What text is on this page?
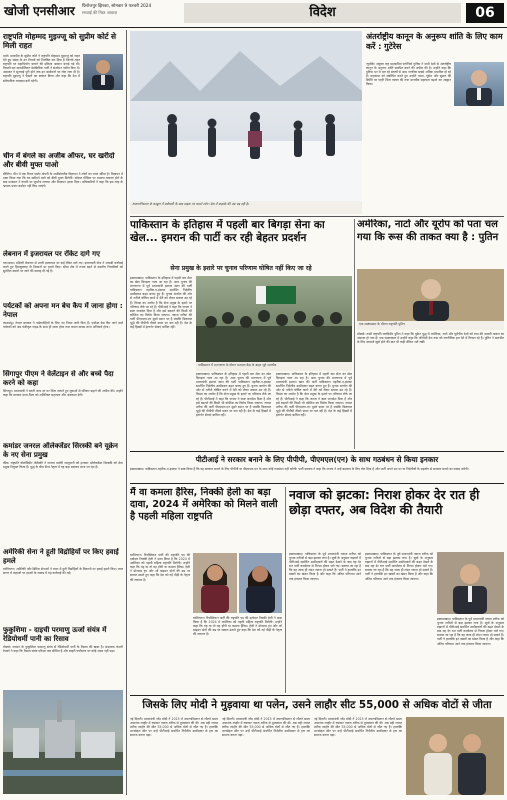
खोजी एनसीआर फिरोजपुर झिरका, सोमवार 9 फरवरी 2024
सच्चाई की निडर आवाज़	विदेश	06
राष्ट्रपति मोहम्मद मुइज्जू को सुप्रीम कोर्ट से मिली राहत
माले। मालदीव के सुप्रीम कोर्ट ने राष्ट्रपति मोहम्मद मुइज्जू को राहत देते हुए संसद के उन नियमों को निलंबित कर दिया है जिनके तहत राष्ट्रपति पर महाभियोग चलाने की प्रक्रिया आसान बनाई गई थी। विपक्षी दल मालदीवियन डेमोक्रेटिक पार्टी ने संशोधन पारित किए थे। अदालत ने सुनवाई पूरी होने तक इन संशोधनों पर रोक लगा दी है। राष्ट्रपति मुइज्जू ने फैसले का स्वागत किया और कहा कि देश में संवैधानिक व्यवस्था बनी रहेगी।
चीन में बंगले का अजीब ऑफर, घर खरीदो और बीवी मुफ्त पाओ
बीजिंग। चीन में एक रियल एस्टेट कंपनी के अजीबोगरीब विज्ञापन ने लोगों का ध्यान खींचा है। विज्ञापन में दावा किया गया कि घर खरीदने वाले को बीवी मुफ्त मिलेगी। सोशल मीडिया पर मामला वायरल होने के बाद प्रशासन ने कंपनी पर जुर्माना लगाया और विज्ञापन हटवा दिया। अधिकारियों ने कहा कि इस तरह के भ्रामक प्रचार बर्दाश्त नहीं किए जाएंगे।
लेबनान में इजरायल पर रॉकेट दागे गए
यरूशलम। दक्षिणी लेबनान से उत्तरी इजरायल पर कई रॉकेट दागे गए। इजरायली सेना ने जवाबी कार्रवाई करते हुए हिजबुल्लाह के ठिकानों पर हमले किए। सीमा क्षेत्र में तनाव बढ़ने से स्थानीय निवासियों को सुरक्षित स्थानों पर जाने की सलाह दी गई है।
पर्यटकों को अपना मन बेच कैप में जाना होगा : नेपाल
काठमांडू। नेपाल सरकार ने पर्वतारोहियों के लिए नए नियम जारी किए हैं। एवरेस्ट बेस कैंप जाने वाले पर्यटकों को अब पंजीकृत गाइड के साथ ही जाना होगा तथा कचरा वापस लाना अनिवार्य होगा।
सिंगापुर पीएम ने वेलेंटाइन से और बच्चे पैदा करने को कहा
सिंगापुर। प्रधानमंत्री ने घटती जन्म दर पर चिंता जताते हुए युवाओं से परिवार बढ़ाने की अपील की। उन्होंने कहा कि सरकार माता-पिता को अतिरिक्त सहायता और अवकाश देगी।
कमांडर जनरल ऑलेक्जेंडर सिरस्की बने यूक्रेन के नए सेना प्रमुख
कीव। राष्ट्रपति वोलोदिमीर जेलेंस्की ने जनरल वालेरी जालुजनी को हटाकर ऑलेक्जेंडर सिरस्की को सेना प्रमुख नियुक्त किया है। युद्ध के बीच सैन्य नेतृत्व में यह बड़ा बदलाव माना जा रहा है।
अमेरिकी सेना ने हूती विद्रोहियों पर किए हवाई हमले
वाशिंगटन। अमेरिकी और ब्रिटिश सेनाओं ने यमन में हूती विद्रोहियों के ठिकानों पर हवाई हमले किए। लाल सागर में जहाजों पर हमलों के जवाब में यह कार्रवाई की गई।
फुकुशिमा - दाइची परमाणु ऊर्जा संयंत्र में रेडियोधर्मी पानी का रिसाव
टोक्यो। जापान के फुकुशिमा परमाणु संयंत्र से रेडियोधर्मी पानी के रिसाव की खबर है। संचालक कंपनी टेपको ने कहा कि रिसाव संयंत्र परिसर तक सीमित है और बाहरी पर्यावरण पर कोई असर नहीं पड़ा।
अफगानिस्तान के काबुल में बर्फबारी के बाद सड़क पर चलते लोग। देश में कड़ाके की ठंड पड़ रही है।
अंतर्राष्ट्रीय कानून के अनुरूप शांति के लिए काम करें : गुटेरेस
न्यूयॉर्क। संयुक्त राष्ट्र महासचिव एंटोनियो गुटेरेस ने सभी देशों से अंतर्राष्ट्रीय कानून के अनुरूप शांति स्थापित करने की अपील की है। उन्होंने कहा कि दुनिया भर में चल रहे संघर्षों से आम नागरिक सबसे अधिक प्रभावित हो रहे हैं। महासभा को संबोधित करते हुए उन्होंने गाजा, यूक्रेन और सूडान की स्थिति पर गहरी चिंता व्यक्त की तथा मानवीय सहायता बढ़ाने का आह्वान किया।
पाकिस्तान के इतिहास में पहली बार बिगड़ा सेना का खेल... इमरान की पार्टी कर रही बेहतर प्रदर्शन
सेना प्रमुख के इशारे पर चुनाव परिणाम घोषित नहीं किए जा रहे
इस्लामाबाद। पाकिस्तान के इतिहास में पहली बार सेना का खेल बिगड़ता नजर आ रहा है। आम चुनाव की मतगणना में पूर्व प्रधानमंत्री इमरान खान की पार्टी पाकिस्तान तहरीक-ए-इंसाफ समर्थित निर्दलीय उम्मीदवार बढ़त बनाए हुए हैं। चुनाव आयोग की ओर से नतीजे घोषित करने में देरी को लेकर सवाल उठ रहे हैं। विपक्ष का आरोप है कि सेना प्रमुख के इशारे पर परिणाम रोके जा रहे हैं। पीटीआई ने कहा कि जनता ने स्पष्ट जनादेश दिया है और इसे बदलने की किसी भी कोशिश का विरोध किया जाएगा। नवाज शरीफ की पार्टी पीएमएल-एन दूसरे स्थान पर है जबकि बिलावल भुट्टो की पीपीपी तीसरे स्थान पर चल रही है। देश के कई हिस्सों में इंटरनेट सेवाएं बाधित रहीं।
पाकिस्तान में मतगणना के दौरान मतदान केंद्र के बाहर जुटे समर्थक
इस्लामाबाद। पाकिस्तान के इतिहास में पहली बार सेना का खेल बिगड़ता नजर आ रहा है। आम चुनाव की मतगणना में पूर्व प्रधानमंत्री इमरान खान की पार्टी पाकिस्तान तहरीक-ए-इंसाफ समर्थित निर्दलीय उम्मीदवार बढ़त बनाए हुए हैं। चुनाव आयोग की ओर से नतीजे घोषित करने में देरी को लेकर सवाल उठ रहे हैं। विपक्ष का आरोप है कि सेना प्रमुख के इशारे पर परिणाम रोके जा रहे हैं। पीटीआई ने कहा कि जनता ने स्पष्ट जनादेश दिया है और इसे बदलने की किसी भी कोशिश का विरोध किया जाएगा। नवाज शरीफ की पार्टी पीएमएल-एन दूसरे स्थान पर है जबकि बिलावल भुट्टो की पीपीपी तीसरे स्थान पर चल रही है। देश के कई हिस्सों में इंटरनेट सेवाएं बाधित रहीं।
इस्लामाबाद। पाकिस्तान के इतिहास में पहली बार सेना का खेल बिगड़ता नजर आ रहा है। आम चुनाव की मतगणना में पूर्व प्रधानमंत्री इमरान खान की पार्टी पाकिस्तान तहरीक-ए-इंसाफ समर्थित निर्दलीय उम्मीदवार बढ़त बनाए हुए हैं। चुनाव आयोग की ओर से नतीजे घोषित करने में देरी को लेकर सवाल उठ रहे हैं। विपक्ष का आरोप है कि सेना प्रमुख के इशारे पर परिणाम रोके जा रहे हैं। पीटीआई ने कहा कि जनता ने स्पष्ट जनादेश दिया है और इसे बदलने की किसी भी कोशिश का विरोध किया जाएगा। नवाज शरीफ की पार्टी पीएमएल-एन दूसरे स्थान पर है जबकि बिलावल भुट्टो की पीपीपी तीसरे स्थान पर चल रही है। देश के कई हिस्सों में इंटरनेट सेवाएं बाधित रहीं।
अमेरिका, नाटो और यूरोप को पता चल गया कि रूस की ताकत क्या है : पुतिन
एक साक्षात्कार के दौरान राष्ट्रपति पुतिन
मॉस्को। रूसी राष्ट्रपति व्लादिमीर पुतिन ने कहा कि यूक्रेन युद्ध में अमेरिका, नाटो और यूरोपीय देशों को रूस की असली ताकत का अंदाजा हो गया है। एक साक्षात्कार में उन्होंने कहा कि पश्चिमी देश रूस को रणनीतिक हार देने में विफल रहे हैं। पुतिन ने बातचीत के लिए दरवाजे खुले होने की बात भी कही लेकिन शर्तें रखीं।
पीटीआई ने सरकार बनाने के लिए पीपीपी, पीएमएल(एन) के साथ गठबंधन से किया इनकार
इस्लामाबाद। पाकिस्तान तहरीक-ए-इंसाफ ने स्पष्ट किया है कि वह सरकार बनाने के लिए पीपीपी या पीएमएल-एन के साथ कोई गठबंधन नहीं करेगी। पार्टी प्रवक्ता ने कहा कि जनता ने उन्हें बदलाव के लिए वोट दिया है और पार्टी अपने दम पर या निर्दलीयों के सहयोग से सरकार बनाने का प्रयास करेगी।
मैं वा कमला हैरिस, निक्की हेली का बड़ा दावा, 2024 में अमेरिका को मिलने वाली है पहली महिला राष्ट्रपति
वाशिंगटन। रिपब्लिकन पार्टी की राष्ट्रपति पद की दावेदार निक्की हेली ने दावा किया है कि 2024 में अमेरिका को पहली महिला राष्ट्रपति मिलेगी। उन्होंने कहा कि यह या तो वह होंगी या कमला हैरिस। हेली ने डोनाल्ड ट्रंप और जो बाइडन दोनों की उम्र पर सवाल उठाते हुए कहा कि देश को नई पीढ़ी के नेतृत्व की जरूरत है।
वाशिंगटन। रिपब्लिकन पार्टी की राष्ट्रपति पद की दावेदार निक्की हेली ने दावा किया है कि 2024 में अमेरिका को पहली महिला राष्ट्रपति मिलेगी। उन्होंने कहा कि यह या तो वह होंगी या कमला हैरिस। हेली ने डोनाल्ड ट्रंप और जो बाइडन दोनों की उम्र पर सवाल उठाते हुए कहा कि देश को नई पीढ़ी के नेतृत्व की जरूरत है।
नवाज को झटका: निराश होकर देर रात ही छोड़ा दफ्तर, अब विदेश की तैयारी
इस्लामाबाद। पाकिस्तान के पूर्व प्रधानमंत्री नवाज शरीफ को चुनाव नतीजों से बड़ा झटका लगा है। सूत्रों के अनुसार रुझानों में पीटीआई समर्थित उम्मीदवारों की बढ़त देखने के बाद वह देर रात पार्टी कार्यालय से निराश होकर चले गए। बताया जा रहा है कि वह जल्द ही लंदन रवाना हो सकते हैं। पार्टी ने हालांकि इन खबरों का खंडन किया है और कहा कि अंतिम परिणाम आने तक इंतजार किया जाएगा।
इस्लामाबाद। पाकिस्तान के पूर्व प्रधानमंत्री नवाज शरीफ को चुनाव नतीजों से बड़ा झटका लगा है। सूत्रों के अनुसार रुझानों में पीटीआई समर्थित उम्मीदवारों की बढ़त देखने के बाद वह देर रात पार्टी कार्यालय से निराश होकर चले गए। बताया जा रहा है कि वह जल्द ही लंदन रवाना हो सकते हैं। पार्टी ने हालांकि इन खबरों का खंडन किया है और कहा कि अंतिम परिणाम आने तक इंतजार किया जाएगा।
इस्लामाबाद। पाकिस्तान के पूर्व प्रधानमंत्री नवाज शरीफ को चुनाव नतीजों से बड़ा झटका लगा है। सूत्रों के अनुसार रुझानों में पीटीआई समर्थित उम्मीदवारों की बढ़त देखने के बाद वह देर रात पार्टी कार्यालय से निराश होकर चले गए। बताया जा रहा है कि वह जल्द ही लंदन रवाना हो सकते हैं। पार्टी ने हालांकि इन खबरों का खंडन किया है और कहा कि अंतिम परिणाम आने तक इंतजार किया जाएगा।
जिसके लिए मोदी ने मुड़वाया था पलेन, उसने लाहौर सीट 55,000 से अधिक वोटों से जीता
नई दिल्ली। प्रधानमंत्री नरेंद्र मोदी ने 2015 में अफगानिस्तान से लौटते समय अचानक लाहौर में रुककर नवाज शरीफ से मुलाकात की थी। अब वही नवाज शरीफ लाहौर की सीट 55,000 से अधिक वोटों से जीत गए हैं। हालांकि मानसेहरा सीट पर उन्हें पीटीआई समर्थित निर्दलीय उम्मीदवार से हार का सामना करना पड़ा।
नई दिल्ली। प्रधानमंत्री नरेंद्र मोदी ने 2015 में अफगानिस्तान से लौटते समय अचानक लाहौर में रुककर नवाज शरीफ से मुलाकात की थी। अब वही नवाज शरीफ लाहौर की सीट 55,000 से अधिक वोटों से जीत गए हैं। हालांकि मानसेहरा सीट पर उन्हें पीटीआई समर्थित निर्दलीय उम्मीदवार से हार का सामना करना पड़ा।
नई दिल्ली। प्रधानमंत्री नरेंद्र मोदी ने 2015 में अफगानिस्तान से लौटते समय अचानक लाहौर में रुककर नवाज शरीफ से मुलाकात की थी। अब वही नवाज शरीफ लाहौर की सीट 55,000 से अधिक वोटों से जीत गए हैं। हालांकि मानसेहरा सीट पर उन्हें पीटीआई समर्थित निर्दलीय उम्मीदवार से हार का सामना करना पड़ा।
